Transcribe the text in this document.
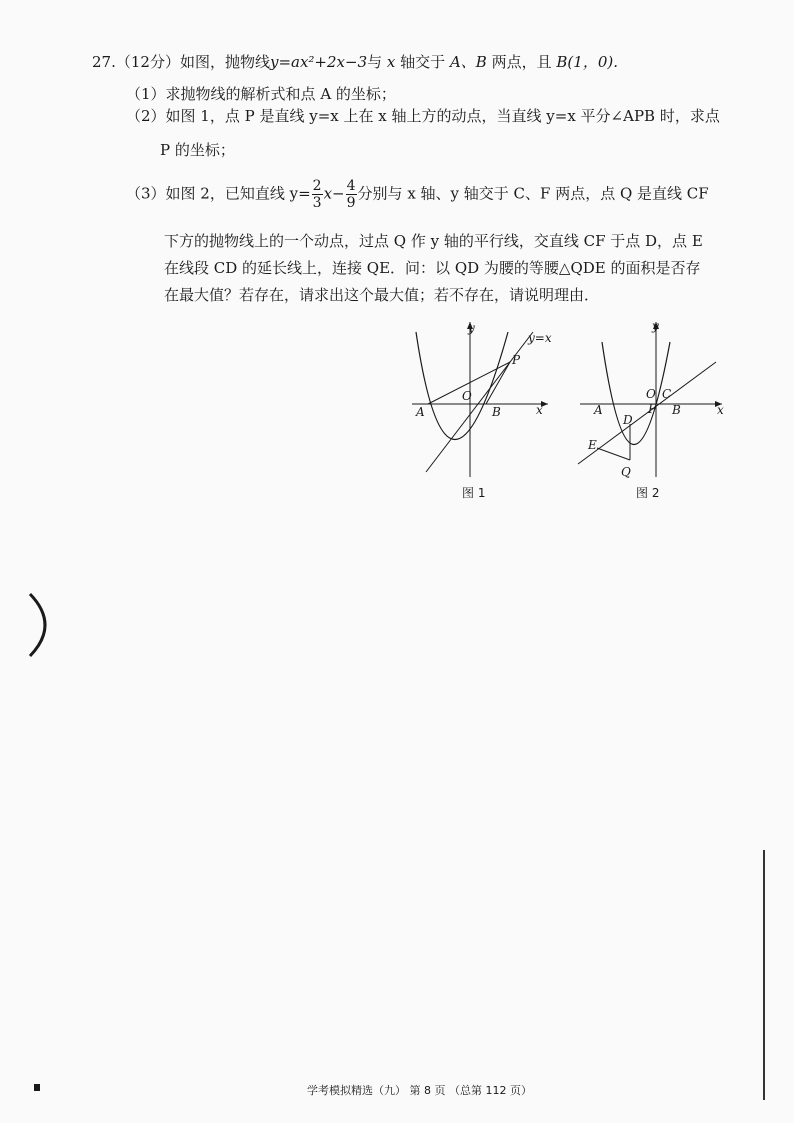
27.（12分）如图，抛物线y=ax²+2x−3与 x 轴交于 A、B 两点，且 B(1，0).
（1）求抛物线的解析式和点 A 的坐标；
（2）如图 1，点 P 是直线 y=x 上在 x 轴上方的动点，当直线 y=x 平分∠APB 时，求点
P 的坐标；
（3）如图 2，已知直线 $y= \frac{2}{3} x- \frac{4}{9}$ 分别与 x 轴、y 轴交于 C、F 两点，点 Q 是直线 CF
下方的抛物线上的一个动点，过点 Q 作 y 轴的平行线，交直线 CF 于点 D，点 E
在线段 CD 的延长线上，连接 QE．问：以 QD 为腰的等腰△QDE 的面积是否存
在最大值？若存在，请求出这个最大值；若不存在，请说明理由．
y
x
O
A	B
P
y=x
图 1
y
x
O
A	B
C
F
D
E
Q
图 2
学考模拟精选（九） 第 8 页 （总第 112 页）
